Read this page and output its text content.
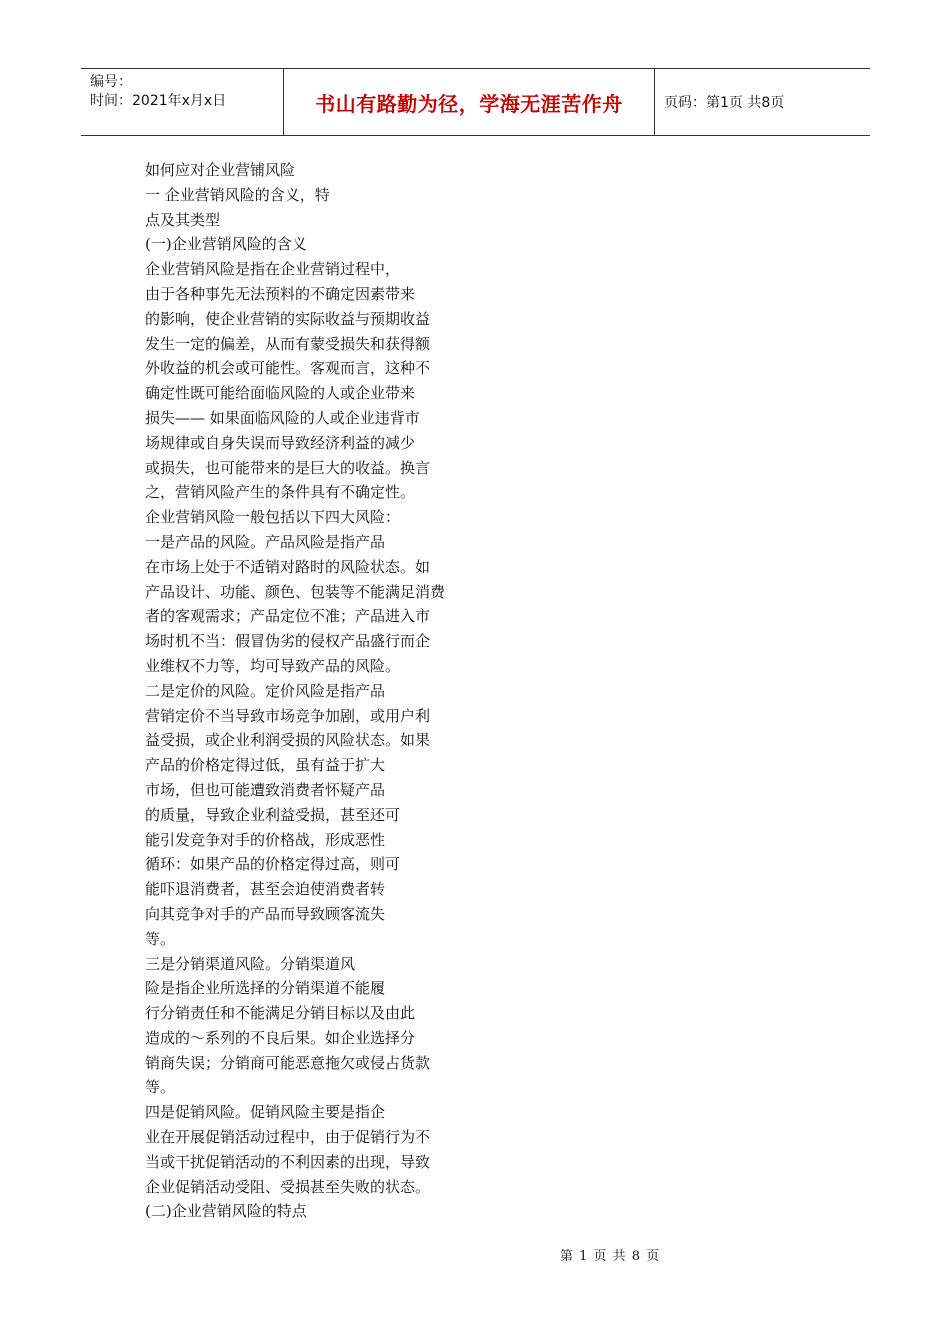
编号：
时间：2021年x月x日	书山有路勤为径，学海无涯苦作舟	页码：第1页 共8页
如何应对企业营铺风险
一 企业营销风险的含义，特
点及其类型
(一)企业营销风险的含义
企业营销风险是指在企业营销过程中，
由于各种事先无法预料的不确定因素带来
的影响，使企业营销的实际收益与预期收益
发生一定的偏差，从而有蒙受损失和获得额
外收益的机会或可能性。客观而言，这种不
确定性既可能给面临风险的人或企业带来
损失—— 如果面临风险的人或企业违背市
场规律或自身失误而导致经济利益的减少
或损失，也可能带来的是巨大的收益。换言
之，营销风险产生的条件具有不确定性。
企业营销风险一般包括以下四大风险：
一是产品的风险。产品风险是指产品
在市场上处于不适销对路时的风险状态。如
产品设计、功能、颜色、包装等不能满足消费
者的客观需求；产品定位不准；产品进入市
场时机不当：假冒伪劣的侵权产品盛行而企
业维权不力等，均可导致产品的风险。
二是定价的风险。定价风险是指产品
营销定价不当导致市场竞争加剧，或用户利
益受损，或企业利润受损的风险状态。如果
产品的价格定得过低，虽有益于扩大
市场，但也可能遭致消费者怀疑产品
的质量，导致企业利益受损，甚至还可
能引发竞争对手的价格战，形成恶性
循环：如果产品的价格定得过高，则可
能吓退消费者，甚至会迫使消费者转
向其竞争对手的产品而导致顾客流失
等。
三是分销渠道风险。分销渠道风
险是指企业所选择的分销渠道不能履
行分销责任和不能满足分销目标以及由此
造成的～系列的不良后果。如企业选择分
销商失误；分销商可能恶意拖欠或侵占货款
等。
四是促销风险。促销风险主要是指企
业在开展促销活动过程中，由于促销行为不
当或干扰促销活动的不利因素的出现，导致
企业促销活动受阻、受损甚至失败的状态。
(二)企业营销风险的特点
第 1 页 共 8 页
